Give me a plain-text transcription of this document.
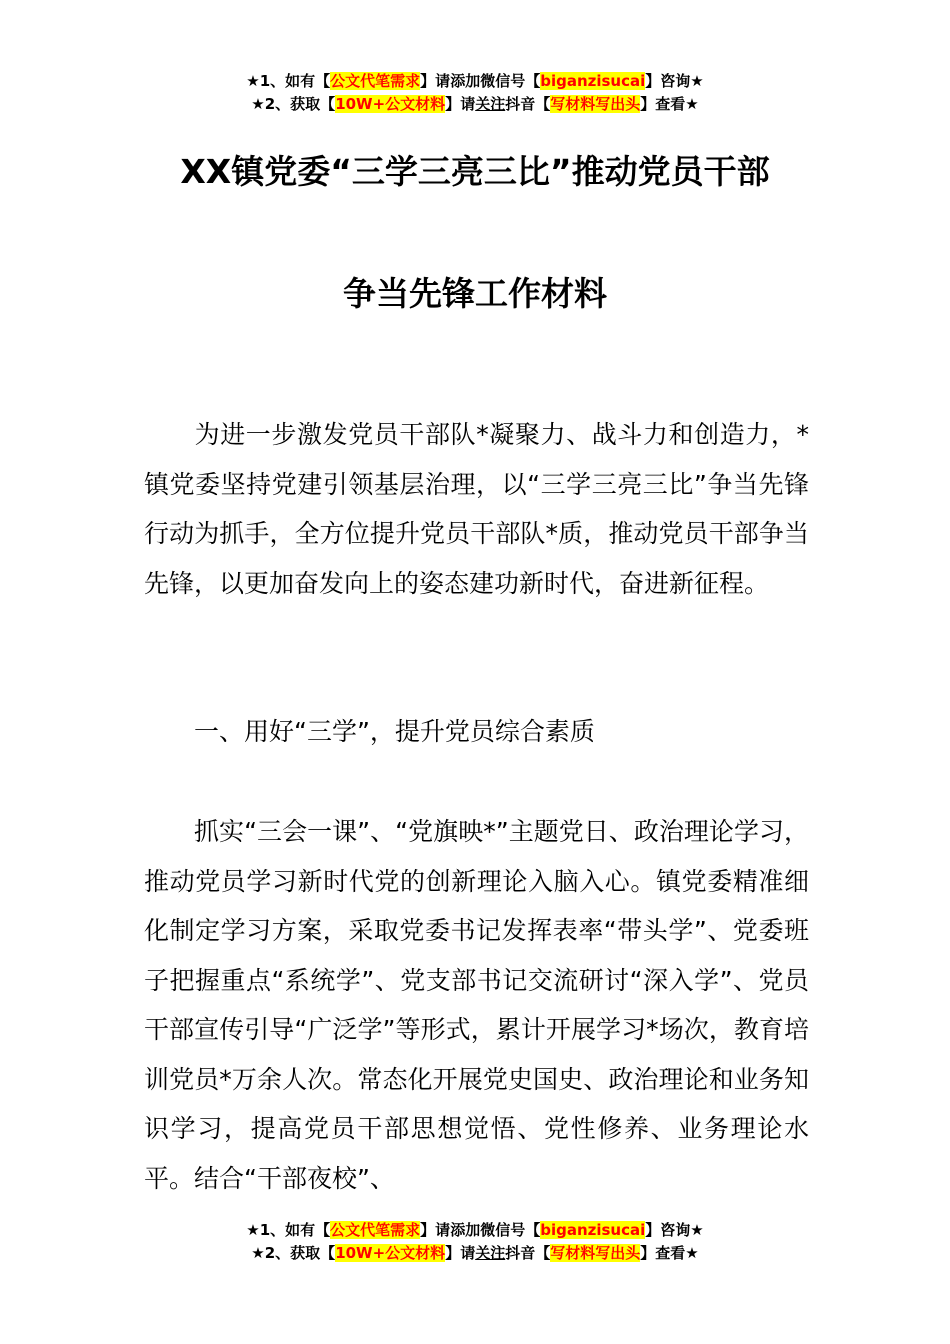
★1、如有【公文代笔需求】请添加微信号【biganzisucai】咨询★
★2、获取【10W+公文材料】请关注抖音【写材料写出头】查看★
XX镇党委“三学三亮三比”推动党员干部
争当先锋工作材料
为进一步激发党员干部队*凝聚力、战斗力和创造力，*镇党委坚持党建引领基层治理，以“三学三亮三比”争当先锋行动为抓手，全方位提升党员干部队*质，推动党员干部争当先锋，以更加奋发向上的姿态建功新时代，奋进新征程。
一、用好“三学”，提升党员综合素质
抓实“三会一课”、“党旗映*”主题党日、政治理论学习，推动党员学习新时代党的创新理论入脑入心。镇党委精准细化制定学习方案，采取党委书记发挥表率“带头学”、党委班子把握重点“系统学”、党支部书记交流研讨“深入学”、党员干部宣传引导“广泛学”等形式，累计开展学习*场次，教育培训党员*万余人次。常态化开展党史国史、政治理论和业务知识学习，提高党员干部思想觉悟、党性修养、业务理论水平。结合“干部夜校”、
★1、如有【公文代笔需求】请添加微信号【biganzisucai】咨询★
★2、获取【10W+公文材料】请关注抖音【写材料写出头】查看★
